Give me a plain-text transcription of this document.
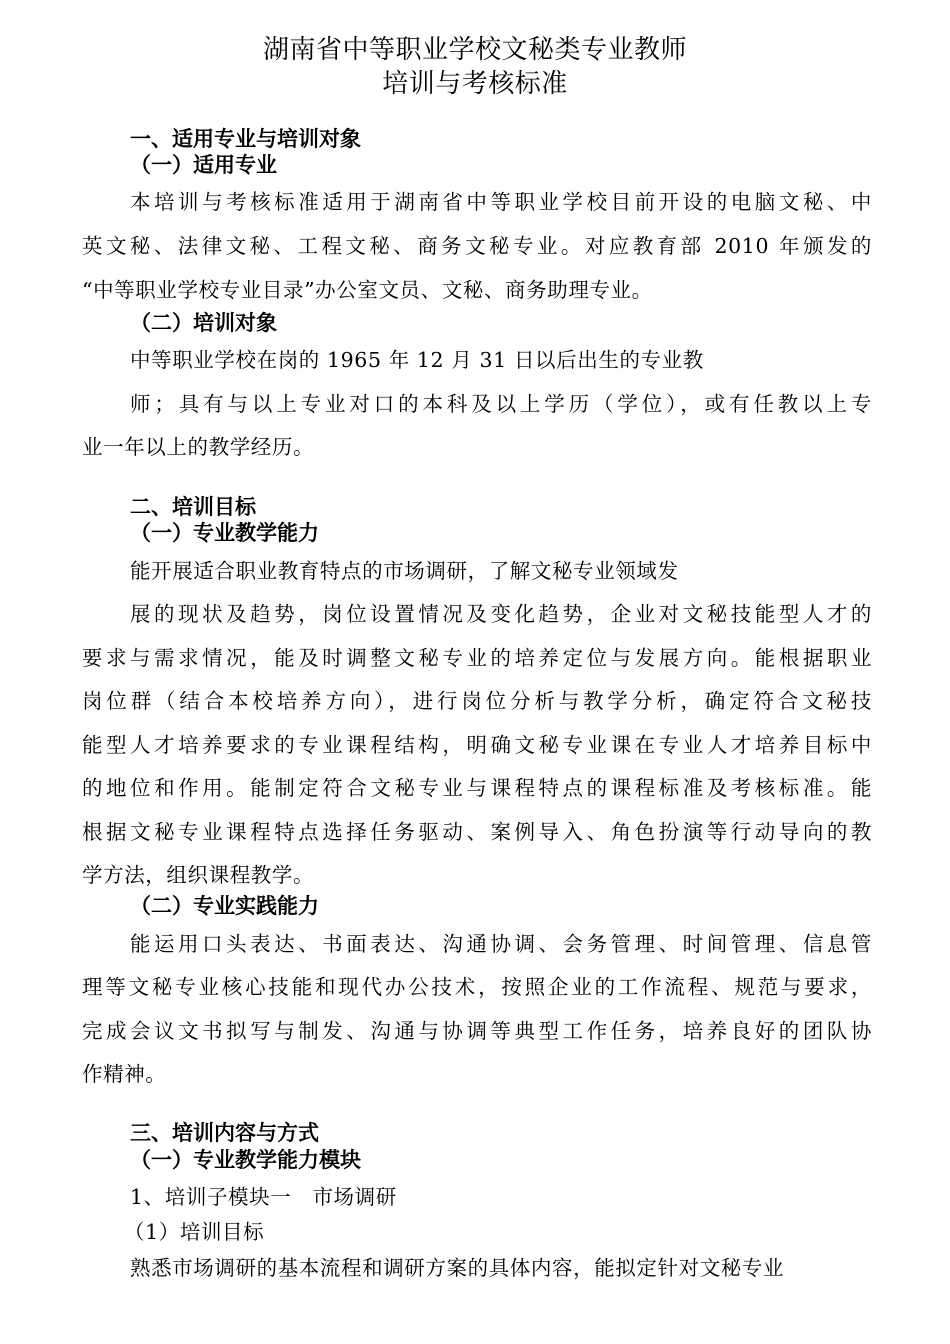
湖南省中等职业学校文秘类专业教师
培训与考核标准
一、适用专业与培训对象
（一）适用专业
本培训与考核标准适用于湖南省中等职业学校目前开设的电脑文秘、中
英文秘、法律文秘、工程文秘、商务文秘专业。对应教育部 2010 年颁发的
“中等职业学校专业目录”办公室文员、文秘、商务助理专业。
（二）培训对象
中等职业学校在岗的 1965 年 12 月 31 日以后出生的专业教
师；具有与以上专业对口的本科及以上学历（学位），或有任教以上专
业一年以上的教学经历。
二、培训目标
（一）专业教学能力
能开展适合职业教育特点的市场调研，了解文秘专业领域发
展的现状及趋势，岗位设置情况及变化趋势，企业对文秘技能型人才的
要求与需求情况，能及时调整文秘专业的培养定位与发展方向。能根据职业
岗位群（结合本校培养方向），进行岗位分析与教学分析，确定符合文秘技
能型人才培养要求的专业课程结构，明确文秘专业课在专业人才培养目标中
的地位和作用。能制定符合文秘专业与课程特点的课程标准及考核标准。能
根据文秘专业课程特点选择任务驱动、案例导入、角色扮演等行动导向的教
学方法，组织课程教学。
（二）专业实践能力
能运用口头表达、书面表达、沟通协调、会务管理、时间管理、信息管
理等文秘专业核心技能和现代办公技术，按照企业的工作流程、规范与要求，
完成会议文书拟写与制发、沟通与协调等典型工作任务，培养良好的团队协
作精神。
三、培训内容与方式
（一）专业教学能力模块
1、培训子模块一　市场调研
（1）培训目标
熟悉市场调研的基本流程和调研方案的具体内容，能拟定针对文秘专业
